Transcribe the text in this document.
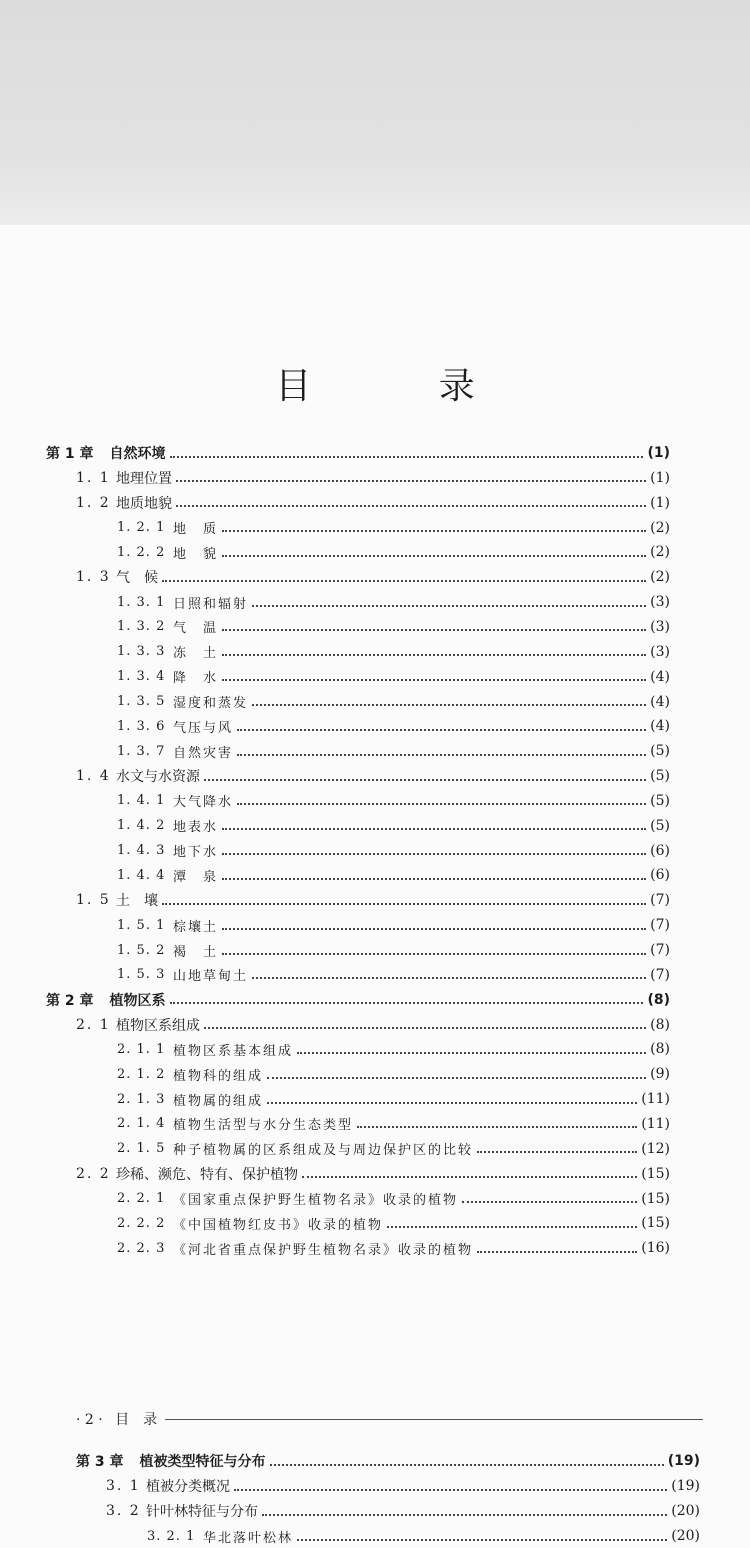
目 录
第 1 章 自然环境	(1)
1. 1 地理位置	(1)
1. 2 地质地貌	(1)
1. 2. 1 地　质	(2)
1. 2. 2 地　貌	(2)
1. 3 气　候	(2)
1. 3. 1 日照和辐射	(3)
1. 3. 2 气　温	(3)
1. 3. 3 冻　土	(3)
1. 3. 4 降　水	(4)
1. 3. 5 湿度和蒸发	(4)
1. 3. 6 气压与风	(4)
1. 3. 7 自然灾害	(5)
1. 4 水文与水资源	(5)
1. 4. 1 大气降水	(5)
1. 4. 2 地表水	(5)
1. 4. 3 地下水	(6)
1. 4. 4 潭　泉	(6)
1. 5 土　壤	(7)
1. 5. 1 棕壤土	(7)
1. 5. 2 褐　土	(7)
1. 5. 3 山地草甸土	(7)
第 2 章 植物区系	(8)
2. 1 植物区系组成	(8)
2. 1. 1 植物区系基本组成	(8)
2. 1. 2 植物科的组成	(9)
2. 1. 3 植物属的组成	(11)
2. 1. 4 植物生活型与水分生态类型	(11)
2. 1. 5 种子植物属的区系组成及与周边保护区的比较	(12)
2. 2 珍稀、濒危、特有、保护植物	(15)
2. 2. 1 《国家重点保护野生植物名录》收录的植物	(15)
2. 2. 2 《中国植物红皮书》收录的植物	(15)
2. 2. 3 《河北省重点保护野生植物名录》收录的植物	(16)
第 3 章 植被类型特征与分布	(19)
3. 1 植被分类概况	(19)
3. 2 针叶林特征与分布	(20)
3. 2. 1 华北落叶松林	(20)
· 2 · 目　录
